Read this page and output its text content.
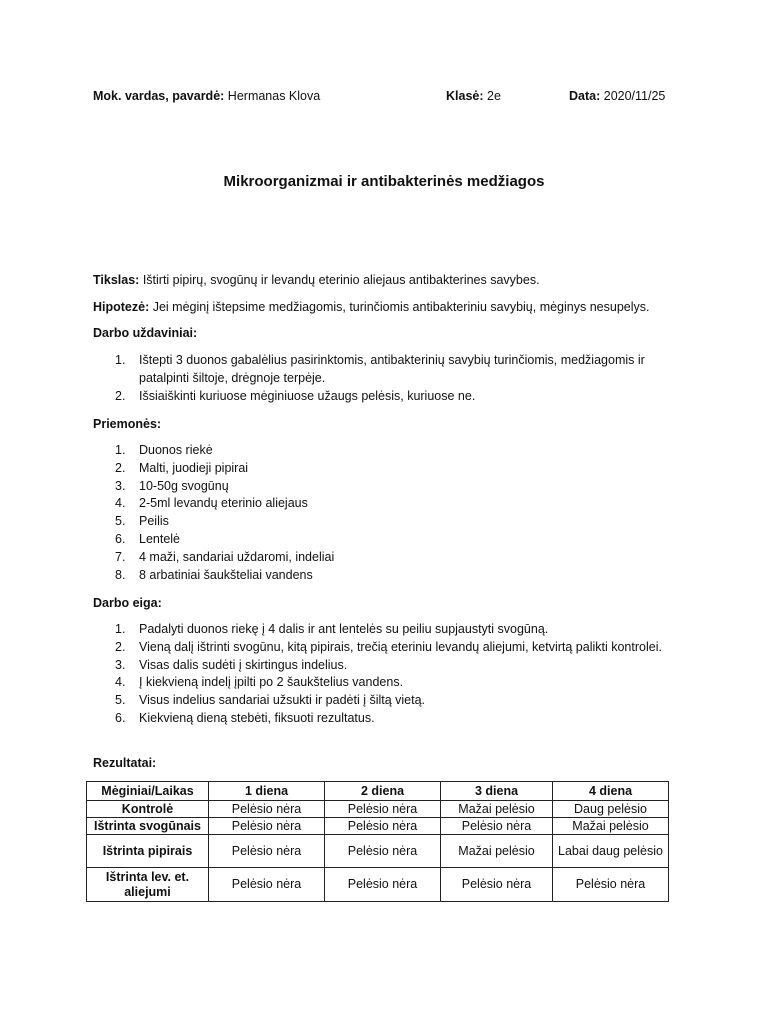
Mok. vardas, pavardė: Hermanas Klova	Klasė: 2e	Data: 2020/11/25
Mikroorganizmai ir antibakterinės medžiagos
Tikslas: Ištirti pipirų, svogūnų ir levandų eterinio aliejaus antibakterines savybes.
Hipotezė: Jei mėginį ištepsime medžiagomis, turinčiomis antibakteriniu savybių, mėginys nesupelys.
Darbo uždaviniai:
1. Ištepti 3 duonos gabalėlius pasirinktomis, antibakterinių savybių turinčiomis, medžiagomis ir patalpinti šiltoje, drėgnoje terpėje.
2. Išsiaiškinti kuriuose mėginiuose užaugs pelėsis, kuriuose ne.
Priemonės:
1. Duonos riekė
2. Malti, juodieji pipirai
3. 10-50g svogūnų
4. 2-5ml levandų eterinio aliejaus
5. Peilis
6. Lentelė
7. 4 maži, sandariai uždaromi, indeliai
8. 8 arbatiniai šaukšteliai vandens
Darbo eiga:
1. Padalyti duonos riekę į 4 dalis ir ant lentelės su peiliu supjaustyti svogūną.
2. Vieną dalį ištrinti svogūnu, kitą pipirais, trečią eteriniu levandų aliejumi, ketvirtą palikti kontrolei.
3. Visas dalis sudėti į skirtingus indelius.
4. Į kiekvieną indelį įpilti po 2 šaukštelius vandens.
5. Visus indelius sandariai užsukti ir padėti į šiltą vietą.
6. Kiekvieną dieną stebėti, fiksuoti rezultatus.
Rezultatai:
Mėginiai/Laikas	1 diena	2 diena	3 diena	4 diena
Kontrolė	Pelėsio nėra	Pelėsio nėra	Mažai pelėsio	Daug pelėsio
Ištrinta svogūnais	Pelėsio nėra	Pelėsio nėra	Pelėsio nėra	Mažai pelėsio
Ištrinta pipirais	Pelėsio nėra	Pelėsio nėra	Mažai pelėsio	Labai daug pelėsio
Ištrinta lev. et. aliejumi	Pelėsio nėra	Pelėsio nėra	Pelėsio nėra	Pelėsio nėra
